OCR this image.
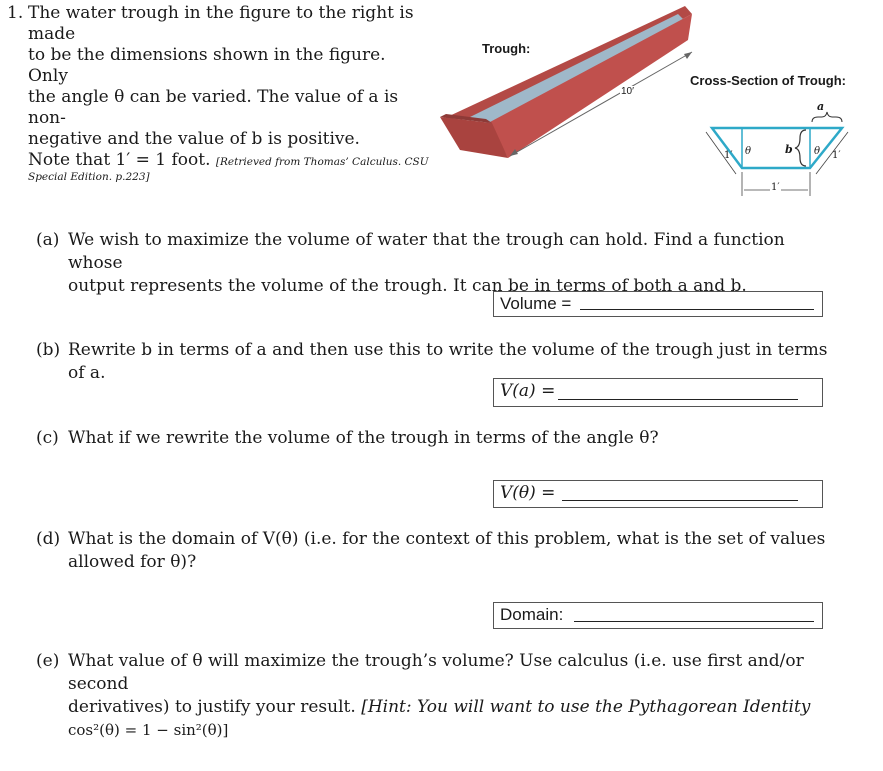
1. The water trough in the figure to the right is made
to be the dimensions shown in the figure. Only
the angle θ can be varied. The value of a is non-
negative and the value of b is positive.
Note that 1′ = 1 foot. [Retrieved from Thomas’ Calculus. CSU
Special Edition. p.223]
Trough:
10′
Cross-Section of Trough:
a
b
θ	θ
1′	1′
1′
(a) We wish to maximize the volume of water that the trough can hold. Find a function whose
output represents the volume of the trough. It can be in terms of both a and b.
Volume =
(b) Rewrite b in terms of a and then use this to write the volume of the trough just in terms of a.
V(a) =
(c) What if we rewrite the volume of the trough in terms of the angle θ?
V(θ) =
(d) What is the domain of V(θ) (i.e. for the context of this problem, what is the set of values
allowed for θ)?
Domain:
(e) What value of θ will maximize the trough’s volume? Use calculus (i.e. use first and/or second
derivatives) to justify your result. [Hint: You will want to use the Pythagorean Identity
cos²(θ) = 1 − sin²(θ)]
